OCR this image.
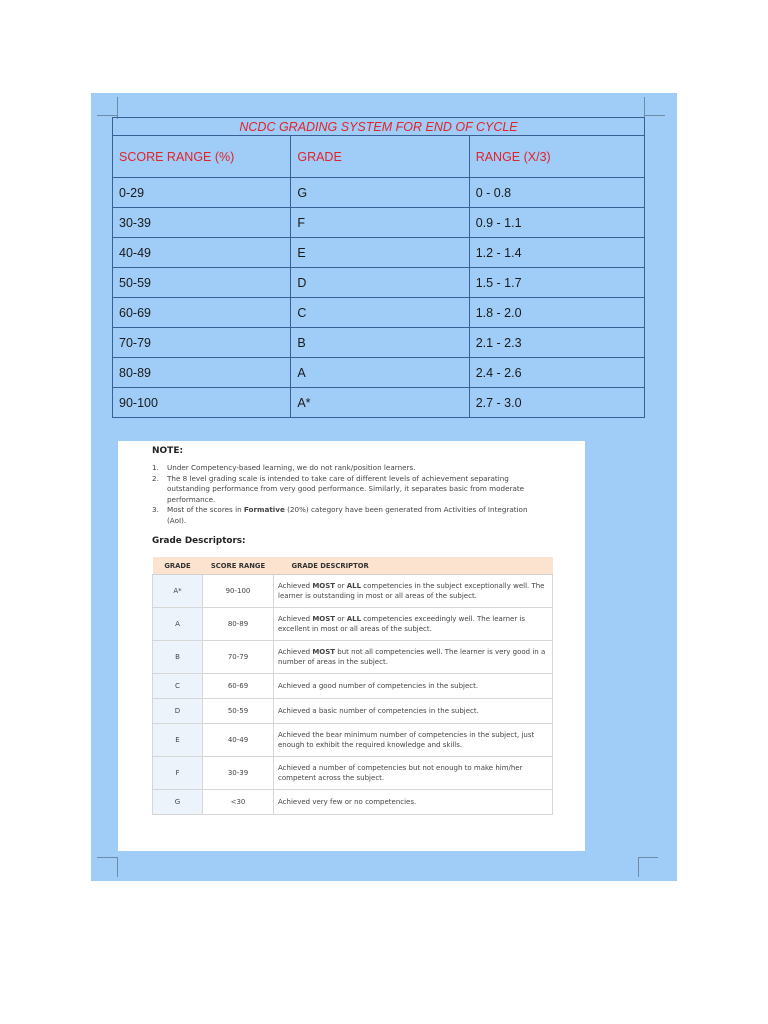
NCDC GRADING SYSTEM FOR END OF CYCLE		
SCORE RANGE (%)	GRADE	RANGE (X/3)
0-29	G	0 - 0.8
30-39	F	0.9 - 1.1
40-49	E	1.2 - 1.4
50-59	D	1.5 - 1.7
60-69	C	1.8 - 2.0
70-79	B	2.1 - 2.3
80-89	A	2.4 - 2.6
90-100	A*	2.7 - 3.0
NOTE:
1. Under Competency-based learning, we do not rank/position learners.
2. The 8 level grading scale is intended to take care of different levels of achievement separating outstanding performance from very good performance. Similarly, it separates basic from moderate performance.
3. Most of the scores in Formative (20%) category have been generated from Activities of Integration (AoI).
Grade Descriptors:
GRADE	SCORE RANGE	GRADE DESCRIPTOR
A*	90-100	Achieved MOST or ALL competencies in the subject exceptionally well. The learner is outstanding in most or all areas of the subject.
A	80-89	Achieved MOST or ALL competencies exceedingly well. The learner is excellent in most or all areas of the subject.
B	70-79	Achieved MOST but not all competencies well. The learner is very good in a number of areas in the subject.
C	60-69	Achieved a good number of competencies in the subject.
D	50-59	Achieved a basic number of competencies in the subject.
E	40-49	Achieved the bear minimum number of competencies in the subject, just enough to exhibit the required knowledge and skills.
F	30-39	Achieved a number of competencies but not enough to make him/her competent across the subject.
G	<30	Achieved very few or no competencies.
